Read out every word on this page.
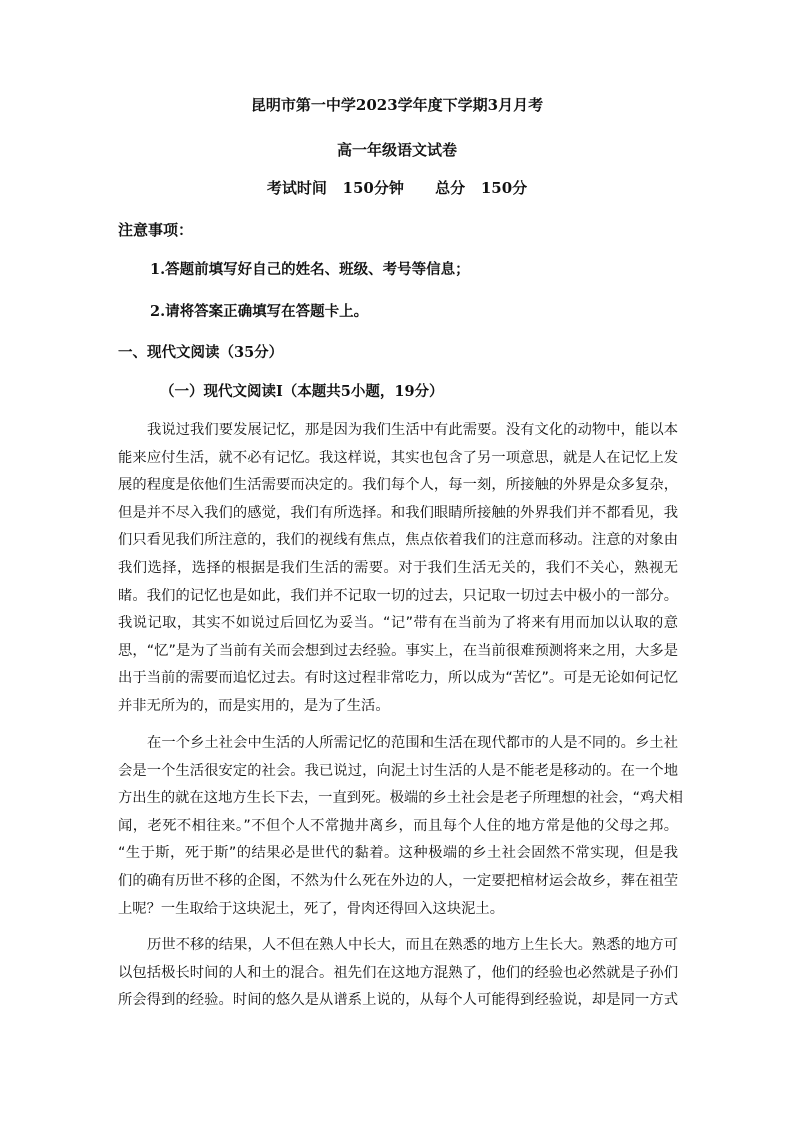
昆明市第一中学2023学年度下学期3月月考
高一年级语文试卷
考试时间   150分钟      总分   150分
注意事项：
1.答题前填写好自己的姓名、班级、考号等信息；
2.请将答案正确填写在答题卡上。
一、现代文阅读（35分）
（一）现代文阅读Ⅰ（本题共5小题，19分）
我说过我们要发展记忆，那是因为我们生活中有此需要。没有文化的动物中，能以本
能来应付生活，就不必有记忆。我这样说，其实也包含了另一项意思，就是人在记忆上发
展的程度是依他们生活需要而决定的。我们每个人，每一刻，所接触的外界是众多复杂，
但是并不尽入我们的感觉，我们有所选择。和我们眼睛所接触的外界我们并不都看见，我
们只看见我们所注意的，我们的视线有焦点，焦点依着我们的注意而移动。注意的对象由
我们选择，选择的根据是我们生活的需要。对于我们生活无关的，我们不关心，熟视无
睹。我们的记忆也是如此，我们并不记取一切的过去，只记取一切过去中极小的一部分。
我说记取，其实不如说过后回忆为妥当。“记”带有在当前为了将来有用而加以认取的意
思，“忆”是为了当前有关而会想到过去经验。事实上，在当前很难预测将来之用，大多是
出于当前的需要而追忆过去。有时这过程非常吃力，所以成为“苦忆”。可是无论如何记忆
并非无所为的，而是实用的，是为了生活。
在一个乡土社会中生活的人所需记忆的范围和生活在现代都市的人是不同的。乡土社
会是一个生活很安定的社会。我已说过，向泥土讨生活的人是不能老是移动的。在一个地
方出生的就在这地方生长下去，一直到死。极端的乡土社会是老子所理想的社会，“鸡犬相
闻，老死不相往来。”不但个人不常抛井离乡，而且每个人住的地方常是他的父母之邦。
“生于斯，死于斯”的结果必是世代的黏着。这种极端的乡土社会固然不常实现，但是我
们的确有历世不移的企图，不然为什么死在外边的人，一定要把棺材运会故乡，葬在祖茔
上呢？一生取给于这块泥土，死了，骨肉还得回入这块泥土。
历世不移的结果，人不但在熟人中长大，而且在熟悉的地方上生长大。熟悉的地方可
以包括极长时间的人和土的混合。祖先们在这地方混熟了，他们的经验也必然就是子孙们
所会得到的经验。时间的悠久是从谱系上说的，从每个人可能得到经验说，却是同一方式
